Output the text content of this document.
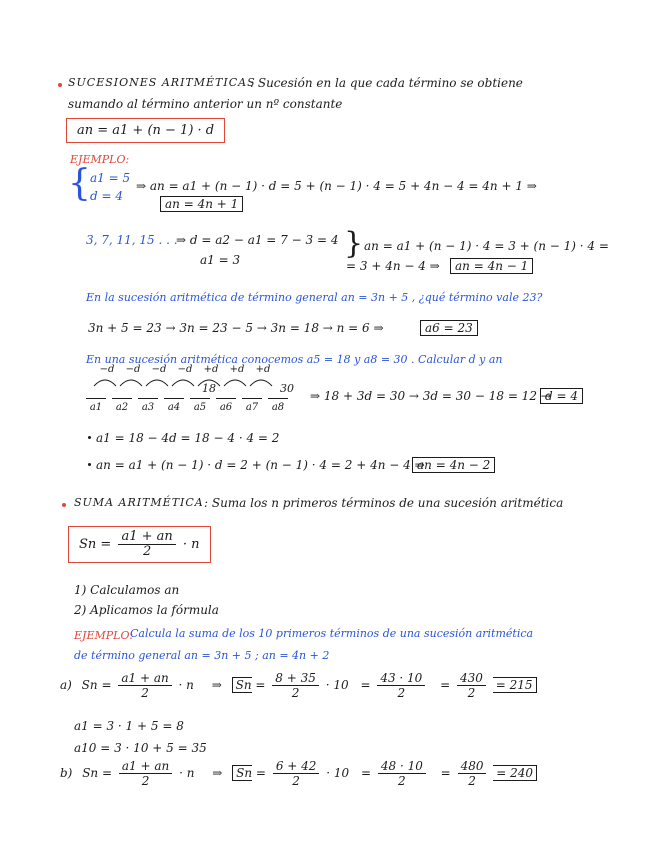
SUCESIONES ARITMÉTICAS
: Sucesión en la que cada término se obtiene
sumando al término anterior un nº constante
an = a1 + (n − 1) · d
EJEMPLO:
{ a1 = 5
d = 4
⇒ an = a1 + (n − 1) · d = 5 + (n − 1) · 4 = 5 + 4n − 4 = 4n + 1 ⇒
an = 4n + 1
3, 7, 11, 15 . . .
⇒ d = a2 − a1 = 7 − 3 = 4
a1 = 3	} an = a1 + (n − 1) · 4 = 3 + (n − 1) · 4 =
= 3 + 4n − 4 ⇒	an = 4n − 1
En la sucesión aritmética de término general an = 3n + 5 , ¿qué término vale 23?
3n + 5 = 23 → 3n = 23 − 5 → 3n = 18 → n = 6 ⇒	a6 = 23
En una sucesión aritmética conocemos a5 = 18 y a8 = 30 . Calcular d y an
−d	−d	−d	−d	+d	+d	+d
18	30
a1	a2	a3	a4	a5	a6	a7	a8
⇒ 18 + 3d = 30 → 3d = 30 − 18 = 12 →
d = 4
a1 = 18 − 4d = 18 − 4 · 4 = 2
an = a1 + (n − 1) · d = 2 + (n − 1) · 4 = 2 + 4n − 4 ⇒
an = 4n − 2
SUMA ARITMÉTICA : Suma los n primeros términos de una sucesión aritmética
$Sn = \frac{a1 + an}{2} \cdot n$
1) Calculamos an
2) Aplicamos la fórmula
EJEMPLO:
Calcula la suma de los 10 primeros términos de una sucesión aritmética
de término general an = 3n + 5 ; an = 4n + 2
a) $Sn = \frac{a1 + an}{2} \cdot n$ ⇒ $Sn = \frac{8 + 35}{2} \cdot 10 = \frac{43 \cdot 10}{2} = \frac{430}{2} = 215$
a1 = 3 · 1 + 5 = 8
a10 = 3 · 10 + 5 = 35
b) $Sn = \frac{a1 + an}{2} \cdot n$ ⇒ $Sn = \frac{6 + 42}{2} \cdot 10 = \frac{48 \cdot 10}{2} = \frac{480}{2} = 240$
